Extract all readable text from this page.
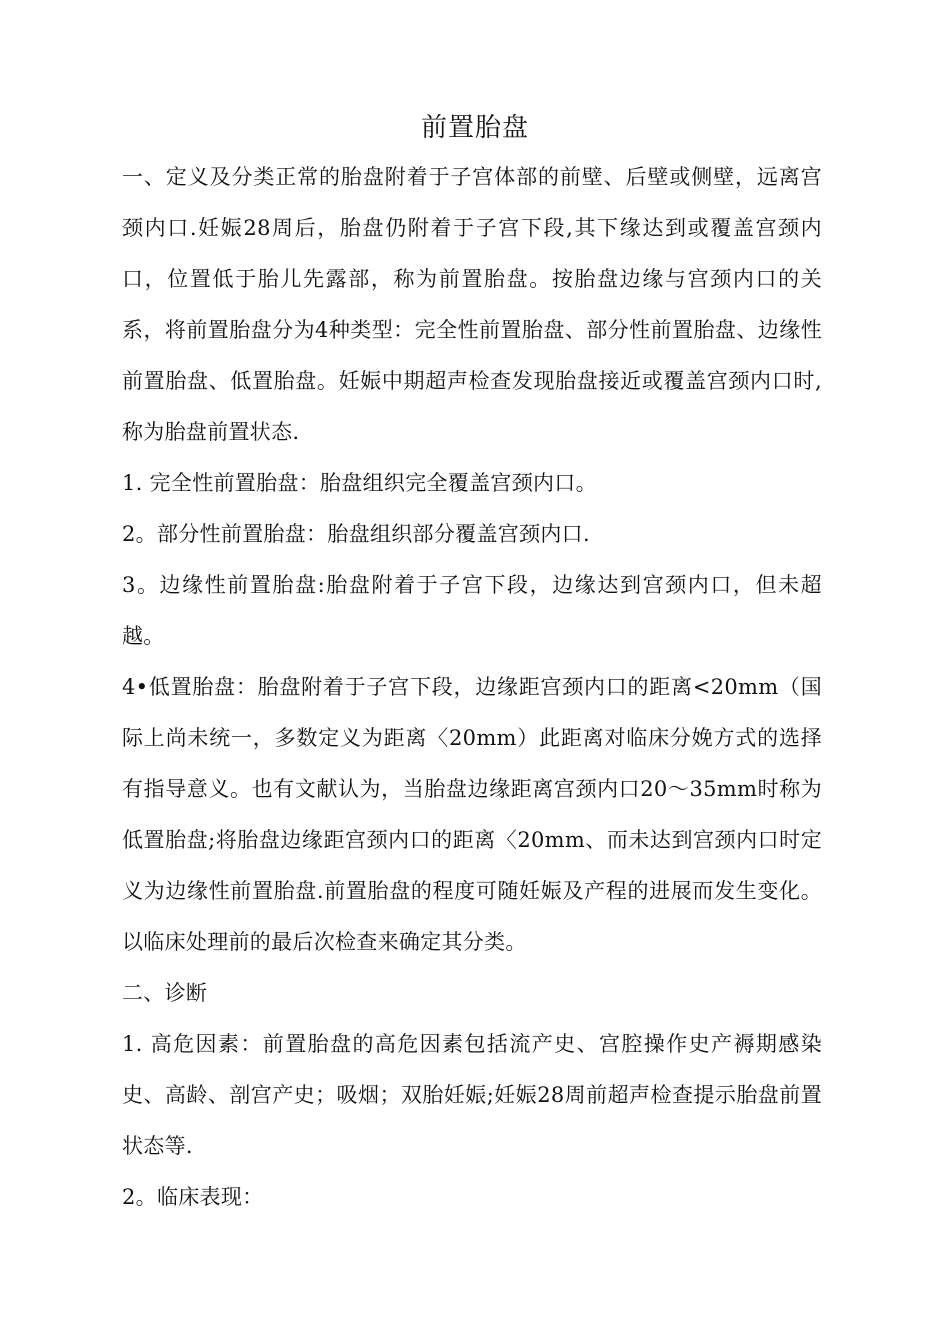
前置胎盘

一、定义及分类正常的胎盘附着于子宫体部的前壁、后壁或侧壁，远离宫颈内口.妊娠28周后，胎盘仍附着于子宫下段,其下缘达到或覆盖宫颈内口，位置低于胎儿先露部，称为前置胎盘。按胎盘边缘与宫颈内口的关系，将前置胎盘分为4种类型：完全性前置胎盘、部分性前置胎盘、边缘性前置胎盘、低置胎盘。妊娠中期超声检查发现胎盘接近或覆盖宫颈内口时,称为胎盘前置状态.

1. 完全性前置胎盘：胎盘组织完全覆盖宫颈内口。

2。部分性前置胎盘：胎盘组织部分覆盖宫颈内口.

3。边缘性前置胎盘:胎盘附着于子宫下段，边缘达到宫颈内口，但未超越。

4•低置胎盘：胎盘附着于子宫下段，边缘距宫颈内口的距离<20mm（国际上尚未统一，多数定义为距离〈20mm）此距离对临床分娩方式的选择有指导意义。也有文献认为，当胎盘边缘距离宫颈内口20〜35mm时称为低置胎盘;将胎盘边缘距宫颈内口的距离〈20mm、而未达到宫颈内口时定义为边缘性前置胎盘.前置胎盘的程度可随妊娠及产程的进展而发生变化。以临床处理前的最后次检查来确定其分类。

二、诊断

1. 高危因素：前置胎盘的高危因素包括流产史、宫腔操作史产褥期感染史、高龄、剖宫产史；吸烟；双胎妊娠;妊娠28周前超声检查提示胎盘前置状态等.

2。临床表现：
